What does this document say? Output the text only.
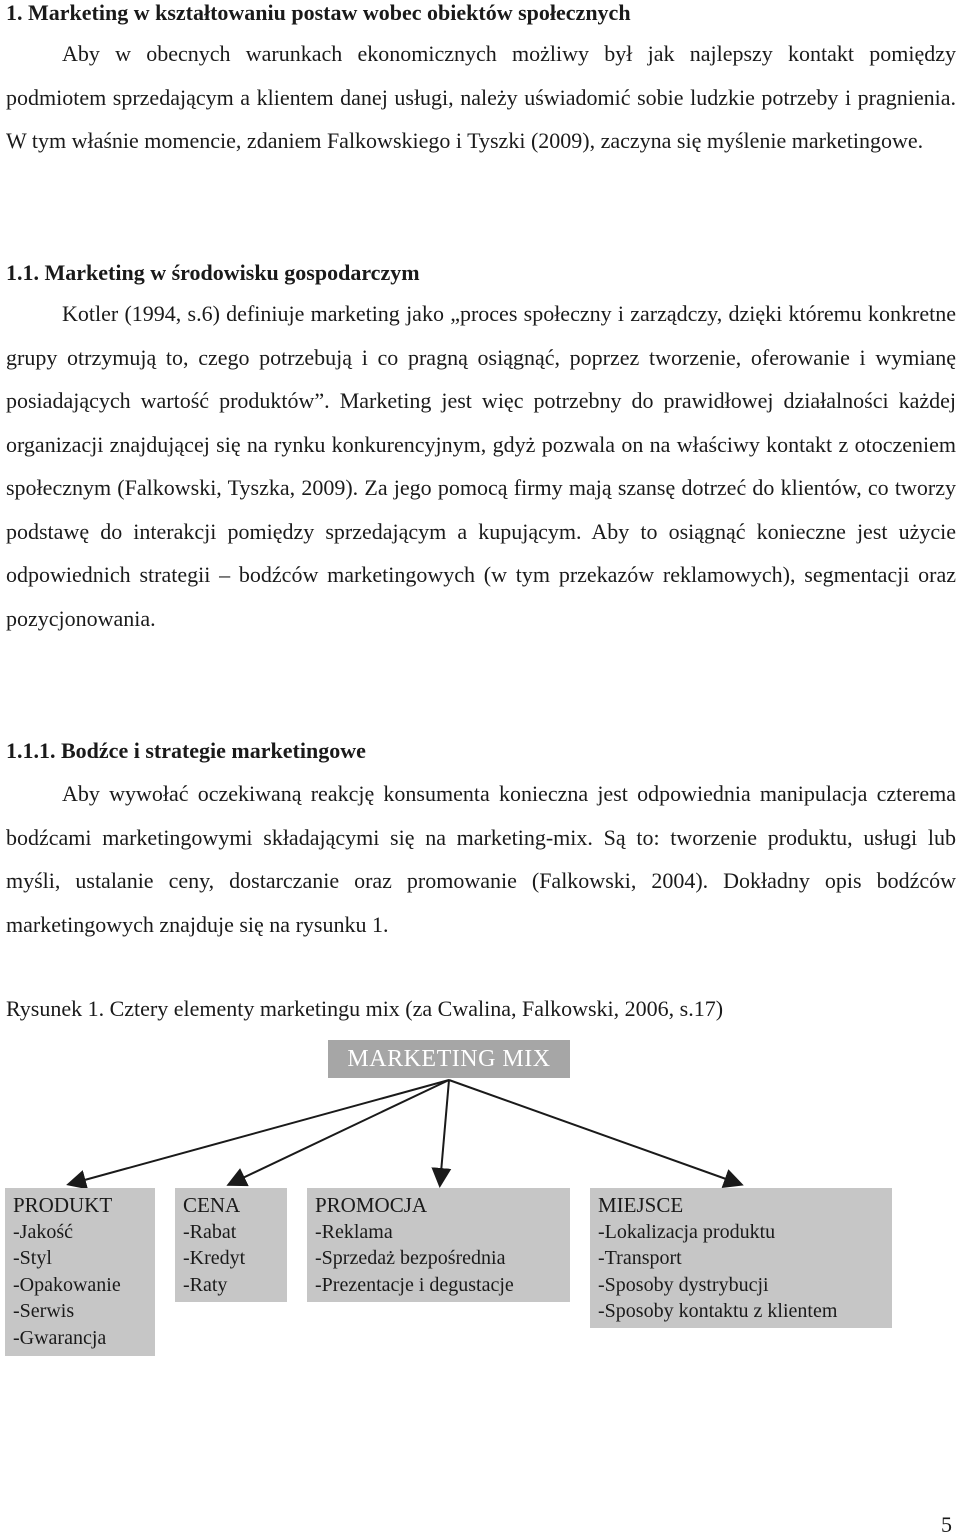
1. Marketing w kształtowaniu postaw wobec obiektów społecznych

Aby w obecnych warunkach ekonomicznych możliwy był jak najlepszy kontakt pomiędzy podmiotem sprzedającym a klientem danej usługi, należy uświadomić sobie ludzkie potrzeby i pragnienia. W tym właśnie momencie, zdaniem Falkowskiego i Tyszki (2009), zaczyna się myślenie marketingowe.

1.1. Marketing w środowisku gospodarczym

Kotler (1994, s.6) definiuje marketing jako „proces społeczny i zarządczy, dzięki któremu konkretne grupy otrzymują to, czego potrzebują i co pragną osiągnąć, poprzez tworzenie, oferowanie i wymianę posiadających wartość produktów”. Marketing jest więc potrzebny do prawidłowej działalności każdej organizacji znajdującej się na rynku konkurencyjnym, gdyż pozwala on na właściwy kontakt z otoczeniem społecznym (Falkowski, Tyszka, 2009). Za jego pomocą firmy mają szansę dotrzeć do klientów, co tworzy podstawę do interakcji pomiędzy sprzedającym a kupującym. Aby to osiągnąć konieczne jest użycie odpowiednich strategii – bodźców marketingowych (w tym przekazów reklamowych), segmentacji oraz pozycjonowania.

1.1.1. Bodźce i strategie marketingowe

Aby wywołać oczekiwaną reakcję konsumenta konieczna jest odpowiednia manipulacja czterema bodźcami marketingowymi składającymi się na marketing-mix. Są to: tworzenie produktu, usługi lub myśli, ustalanie ceny, dostarczanie oraz promowanie (Falkowski, 2004). Dokładny opis bodźców marketingowych znajduje się na rysunku 1.

Rysunek 1. Cztery elementy marketingu mix (za Cwalina, Falkowski, 2006, s.17)
MARKETING MIX
PRODUKT
-Jakość
-Styl
-Opakowanie
-Serwis
-Gwarancja
CENA
-Rabat
-Kredyt
-Raty
PROMOCJA
-Reklama
-Sprzedaż bezpośrednia
-Prezentacje i degustacje
MIEJSCE
-Lokalizacja produktu
-Transport
-Sposoby dystrybucji
-Sposoby kontaktu z klientem
5
